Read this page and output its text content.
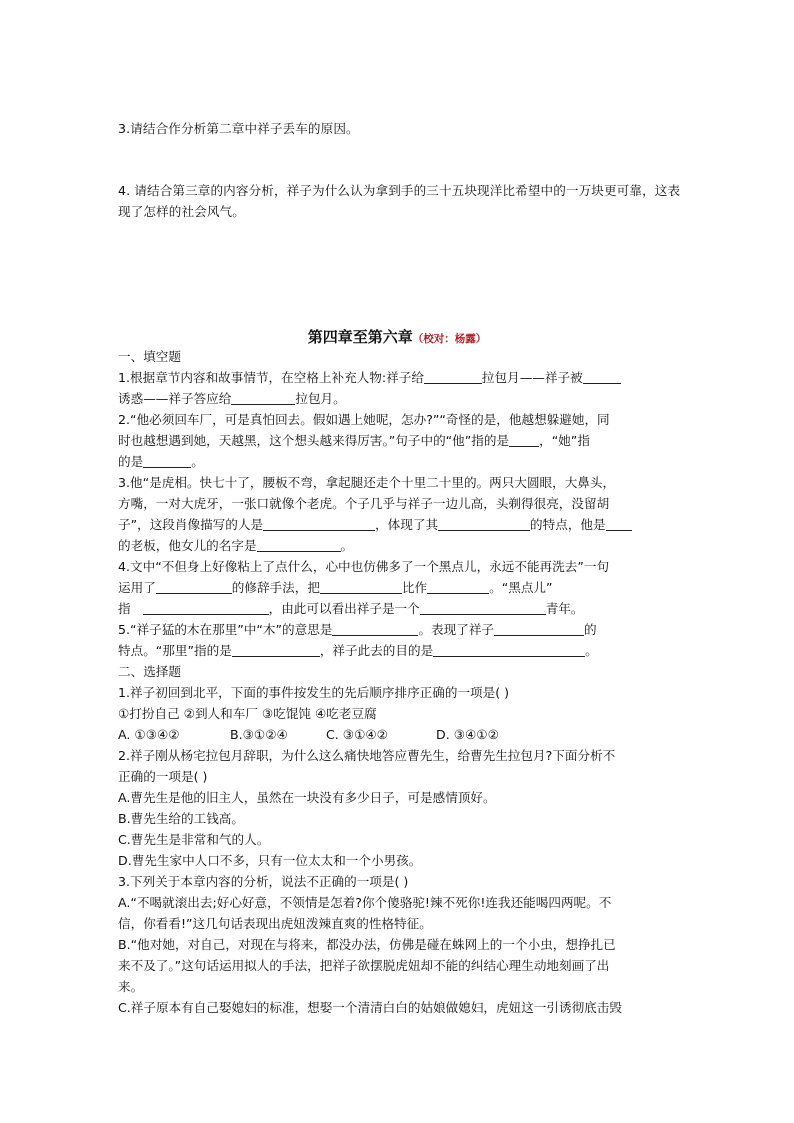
3.请结合作分析第二章中祥子丢车的原因。
4. 请结合第三章的内容分析，祥子为什么认为拿到手的三十五块现洋比希望中的一万块更可靠，这表现了怎样的社会风气。
第四章至第六章（校对：杨露）
一、填空题
1.根据章节内容和故事情节，在空格上补充人物:祥子给	拉包月——祥子被
诱惑——祥子答应给	拉包月。
2.“他必须回车厂，可是真怕回去。假如遇上她呢，怎办?”“奇怪的是，他越想躲避她，同
时也越想遇到她，天越黑，这个想头越来得厉害。”句子中的“他”指的是 ，“她”指
的是	。
3.他“是虎相。快七十了，腰板不弯，拿起腿还走个十里二十里的。两只大圆眼，大鼻头，
方嘴，一对大虎牙，一张口就像个老虎。个子几乎与祥子一边儿高，头剃得很亮，没留胡
子”，这段肖像描写的人是	，体现了其	的特点，他是
的老板，他女儿的名字是	。
4.文中“不但身上好像粘上了点什么，心中也仿佛多了一个黑点儿，永远不能再洗去”一句
运用了	的修辞手法，把	比作	。“黑点儿”
指	，由此可以看出祥子是一个	青年。
5.“祥子猛的木在那里”中“木”的意思是	。表现了祥子	的
特点。“那里”指的是	，祥子此去的目的是	。
二、选择题
1.祥子初回到北平，下面的事件按发生的先后顺序排序正确的一项是( )
①打扮自己 ②到人和车厂 ③吃馄饨 ④吃老豆腐
A. ①③④②	B.③①②④	C. ③①④②	D. ③④①②
2.祥子刚从杨宅拉包月辞职，为什么这么痛快地答应曹先生，给曹先生拉包月?下面分析不
正确的一项是( )
A.曹先生是他的旧主人，虽然在一块没有多少日子，可是感情顶好。
B.曹先生给的工钱高。
C.曹先生是非常和气的人。
D.曹先生家中人口不多，只有一位太太和一个小男孩。
3.下列关于本章内容的分析，说法不正确的一项是( )
A.“不喝就滚出去;好心好意，不领情是怎着?你个傻骆驼!辣不死你!连我还能喝四两呢。不
信，你看看!”这几句话表现出虎妞泼辣直爽的性格特征。
B.“他对她，对自己，对现在与将来，都没办法，仿佛是碰在蛛网上的一个小虫，想挣扎已
来不及了。”这句话运用拟人的手法，把祥子欲摆脱虎妞却不能的纠结心理生动地刻画了出
来。
C.祥子原本有自己娶媳妇的标准，想娶一个清清白白的姑娘做媳妇，虎妞这一引诱彻底击毁
